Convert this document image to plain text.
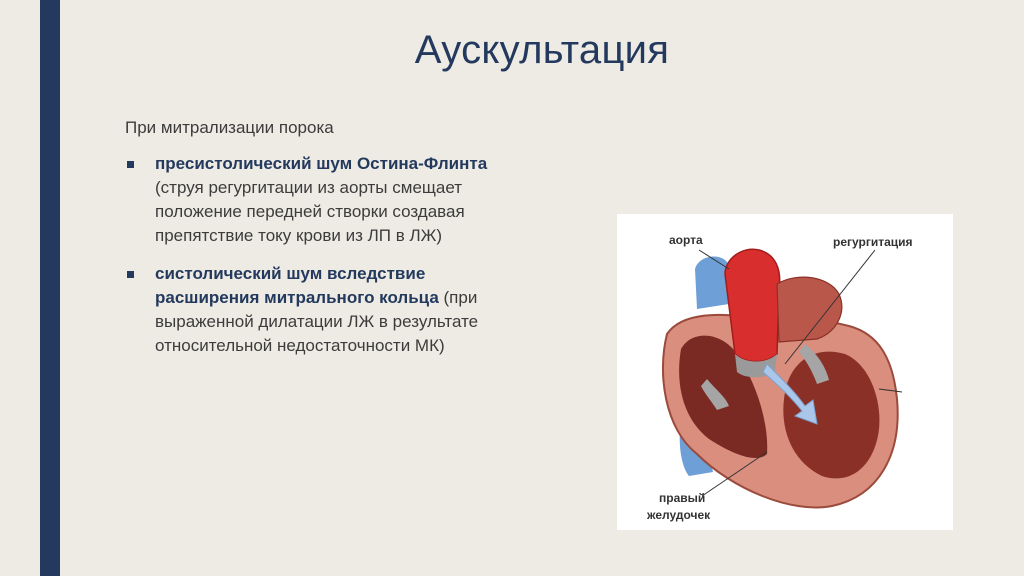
Аускультация
При митрализации порока
пресистолический шум Остина-Флинта (струя регургитации из аорты смещает положение передней створки создавая препятствие току крови из ЛП в ЛЖ)
систолический шум вследствие расширения митрального кольца (при выраженной дилатации ЛЖ в результате относительной недостаточности МК)
аорта	регургитация
правый
желудочек
